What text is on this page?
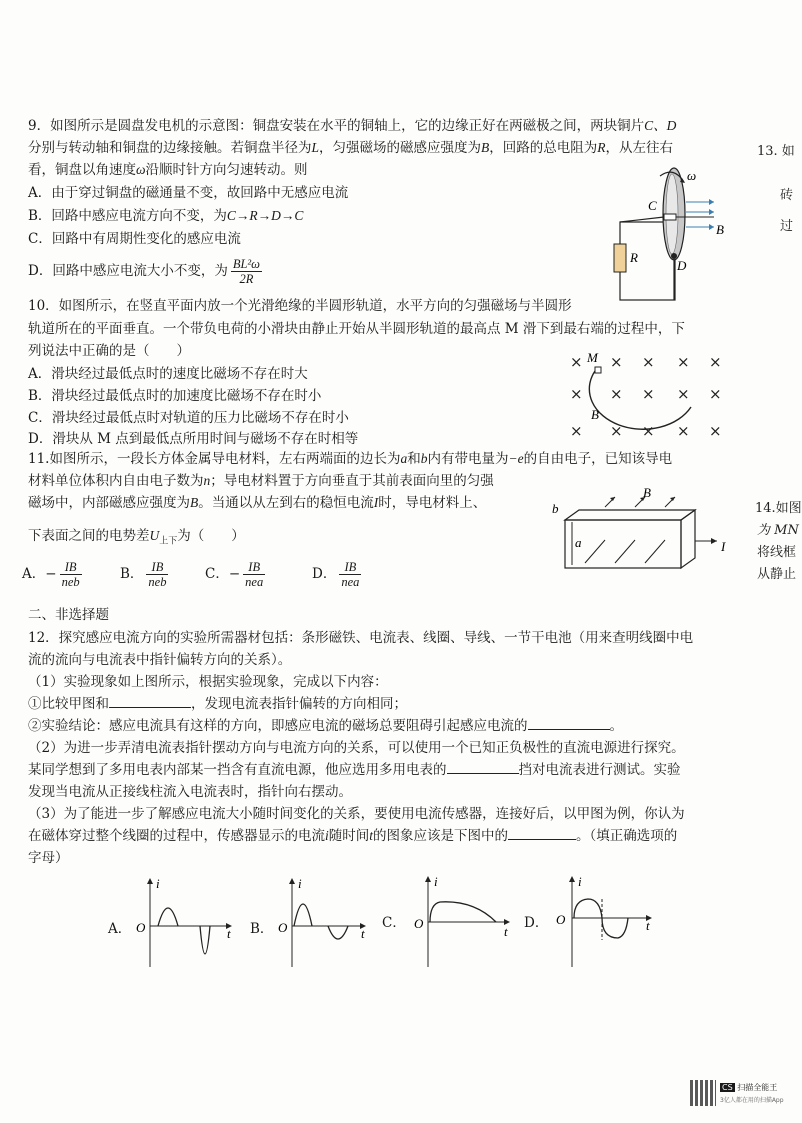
9．如图所示是圆盘发电机的示意图：铜盘安装在水平的铜轴上，它的边缘正好在两磁极之间，两块铜片C、D
分别与转动轴和铜盘的边缘接触。若铜盘半径为L，匀强磁场的磁感应强度为B，回路的总电阻为R，从左往右
看，铜盘以角速度ω沿顺时针方向匀速转动。则
A．由于穿过铜盘的磁通量不变，故回路中无感应电流
B．回路中感应电流方向不变，为C→R→D→C
C．回路中有周期性变化的感应电流
D．回路中感应电流大小不变，为 $\frac{\text{BL²ω}}{2R}$
C
ω
B
R
D
10．如图所示，在竖直平面内放一个光滑绝缘的半圆形轨道，水平方向的匀强磁场与半圆形
轨道所在的平面垂直。一个带负电荷的小滑块由静止开始从半圆形轨道的最高点 M 滑下到最右端的过程中，下
列说法中正确的是（　　）
A．滑块经过最低点时的速度比磁场不存在时大
B．滑块经过最低点时的加速度比磁场不存在时小
C．滑块经过最低点时对轨道的压力比磁场不存在时小
D．滑块从 M 点到最低点所用时间与磁场不存在时相等
× × × × ×
× × × × ×
× × × × ×
M
B
11.如图所示，一段长方体金属导电材料，左右两端面的边长为a和b内有带电量为−e的自由电子，已知该导电
材料单位体积内自由电子数为n；导电材料置于方向垂直于其前表面向里的匀强
磁场中，内部磁感应强度为B。当通以从左到右的稳恒电流I时，导电材料上、
下表面之间的电势差$U_{上下}$为（　　）
A．− $\frac{IB}{\text{neb}}$	B． $\frac{IB}{\text{neb}}$	C．− $\frac{IB}{\text{nea}}$	D． $\frac{IB}{\text{nea}}$
B
b
a	I
二、非选择题
12．探究感应电流方向的实验所需器材包括：条形磁铁、电流表、线圈、导线、一节干电池（用来查明线圈中电
流的流向与电流表中指针偏转方向的关系）。
（1）实验现象如上图所示，根据实验现象，完成以下内容：
①比较甲图和	，发现电流表指针偏转的方向相同；
②实验结论：感应电流具有这样的方向，即感应电流的磁场总要阻碍引起感应电流的	。
（2）为进一步弄清电流表指针摆动方向与电流方向的关系，可以使用一个已知正负极性的直流电源进行探究。
某同学想到了多用电表内部某一挡含有直流电源，他应选用多用电表的	挡对电流表进行测试。实验
发现当电流从正接线柱流入电流表时，指针向右摆动。
（3）为了能进一步了解感应电流大小随时间变化的关系，要使用电流传感器，连接好后，以甲图为例，你认为
在磁体穿过整个线圈的过程中，传感器显示的电流i随时间t的图象应该是下图中的	。（填正确选项的
字母）
A．
i
O	t B．
i
O	t
C．
i
O
t
D．
i
O	t
13. 如
砖
过
14.如图
为 MN
将线框
从静止
CS 扫描全能王
3亿人都在用的扫描App
